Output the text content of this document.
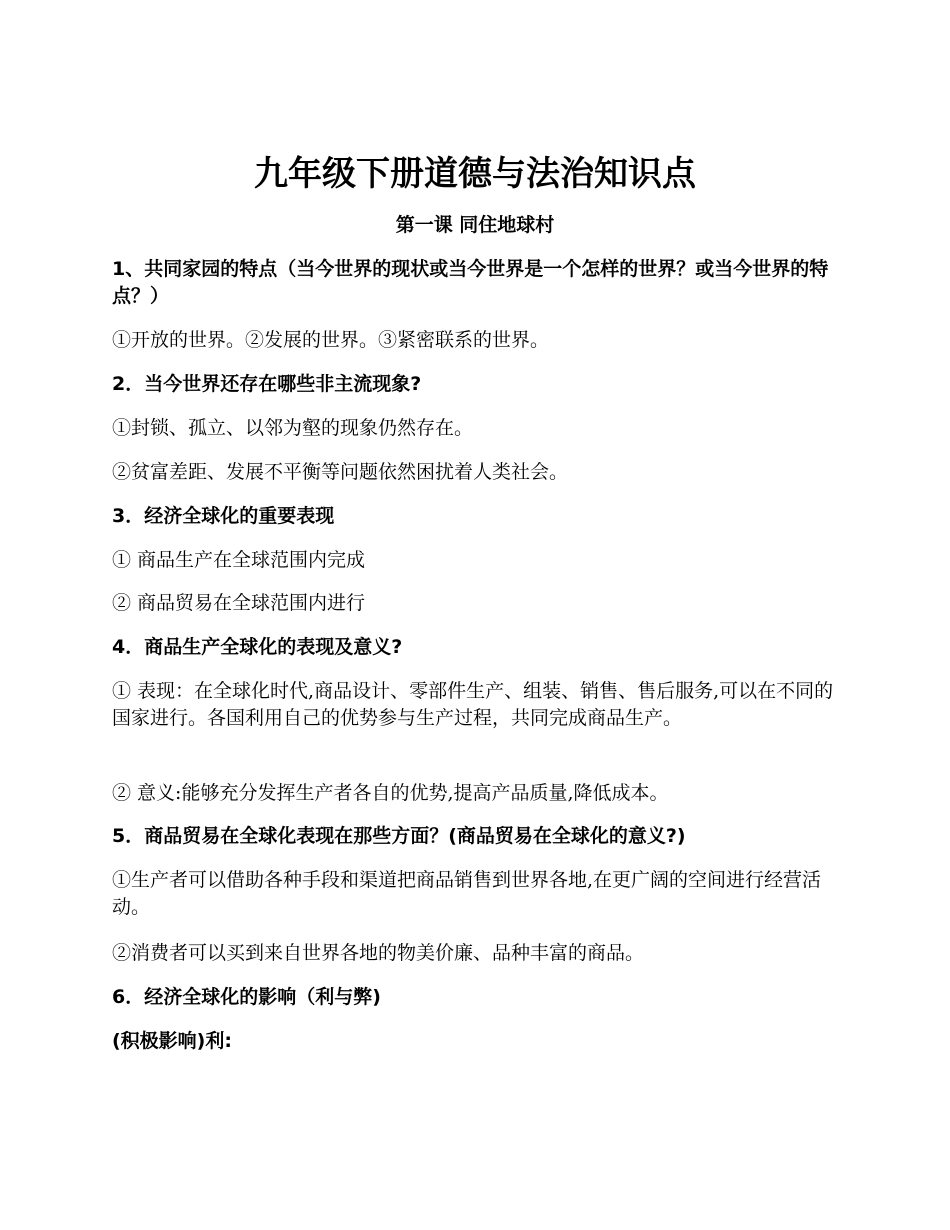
九年级下册道德与法治知识点
第一课 同住地球村

1、共同家园的特点（当今世界的现状或当今世界是一个怎样的世界？或当今世界的特点？）

①开放的世界。②发展的世界。③紧密联系的世界。

2．当今世界还存在哪些非主流现象?

①封锁、孤立、以邻为壑的现象仍然存在。

②贫富差距、发展不平衡等问题依然困扰着人类社会。

3．经济全球化的重要表现

① 商品生产在全球范围内完成

② 商品贸易在全球范围内进行

4．商品生产全球化的表现及意义?

① 表现：在全球化时代,商品设计、零部件生产、组装、销售、售后服务,可以在不同的国家进行。各国利用自己的优势参与生产过程，共同完成商品生产。

② 意义:能够充分发挥生产者各自的优势,提高产品质量,降低成本。

5．商品贸易在全球化表现在那些方面？(商品贸易在全球化的意义?)

①生产者可以借助各种手段和渠道把商品销售到世界各地,在更广阔的空间进行经营活动。

②消费者可以买到来自世界各地的物美价廉、品种丰富的商品。

6．经济全球化的影响（利与弊)

(积极影响)利:
